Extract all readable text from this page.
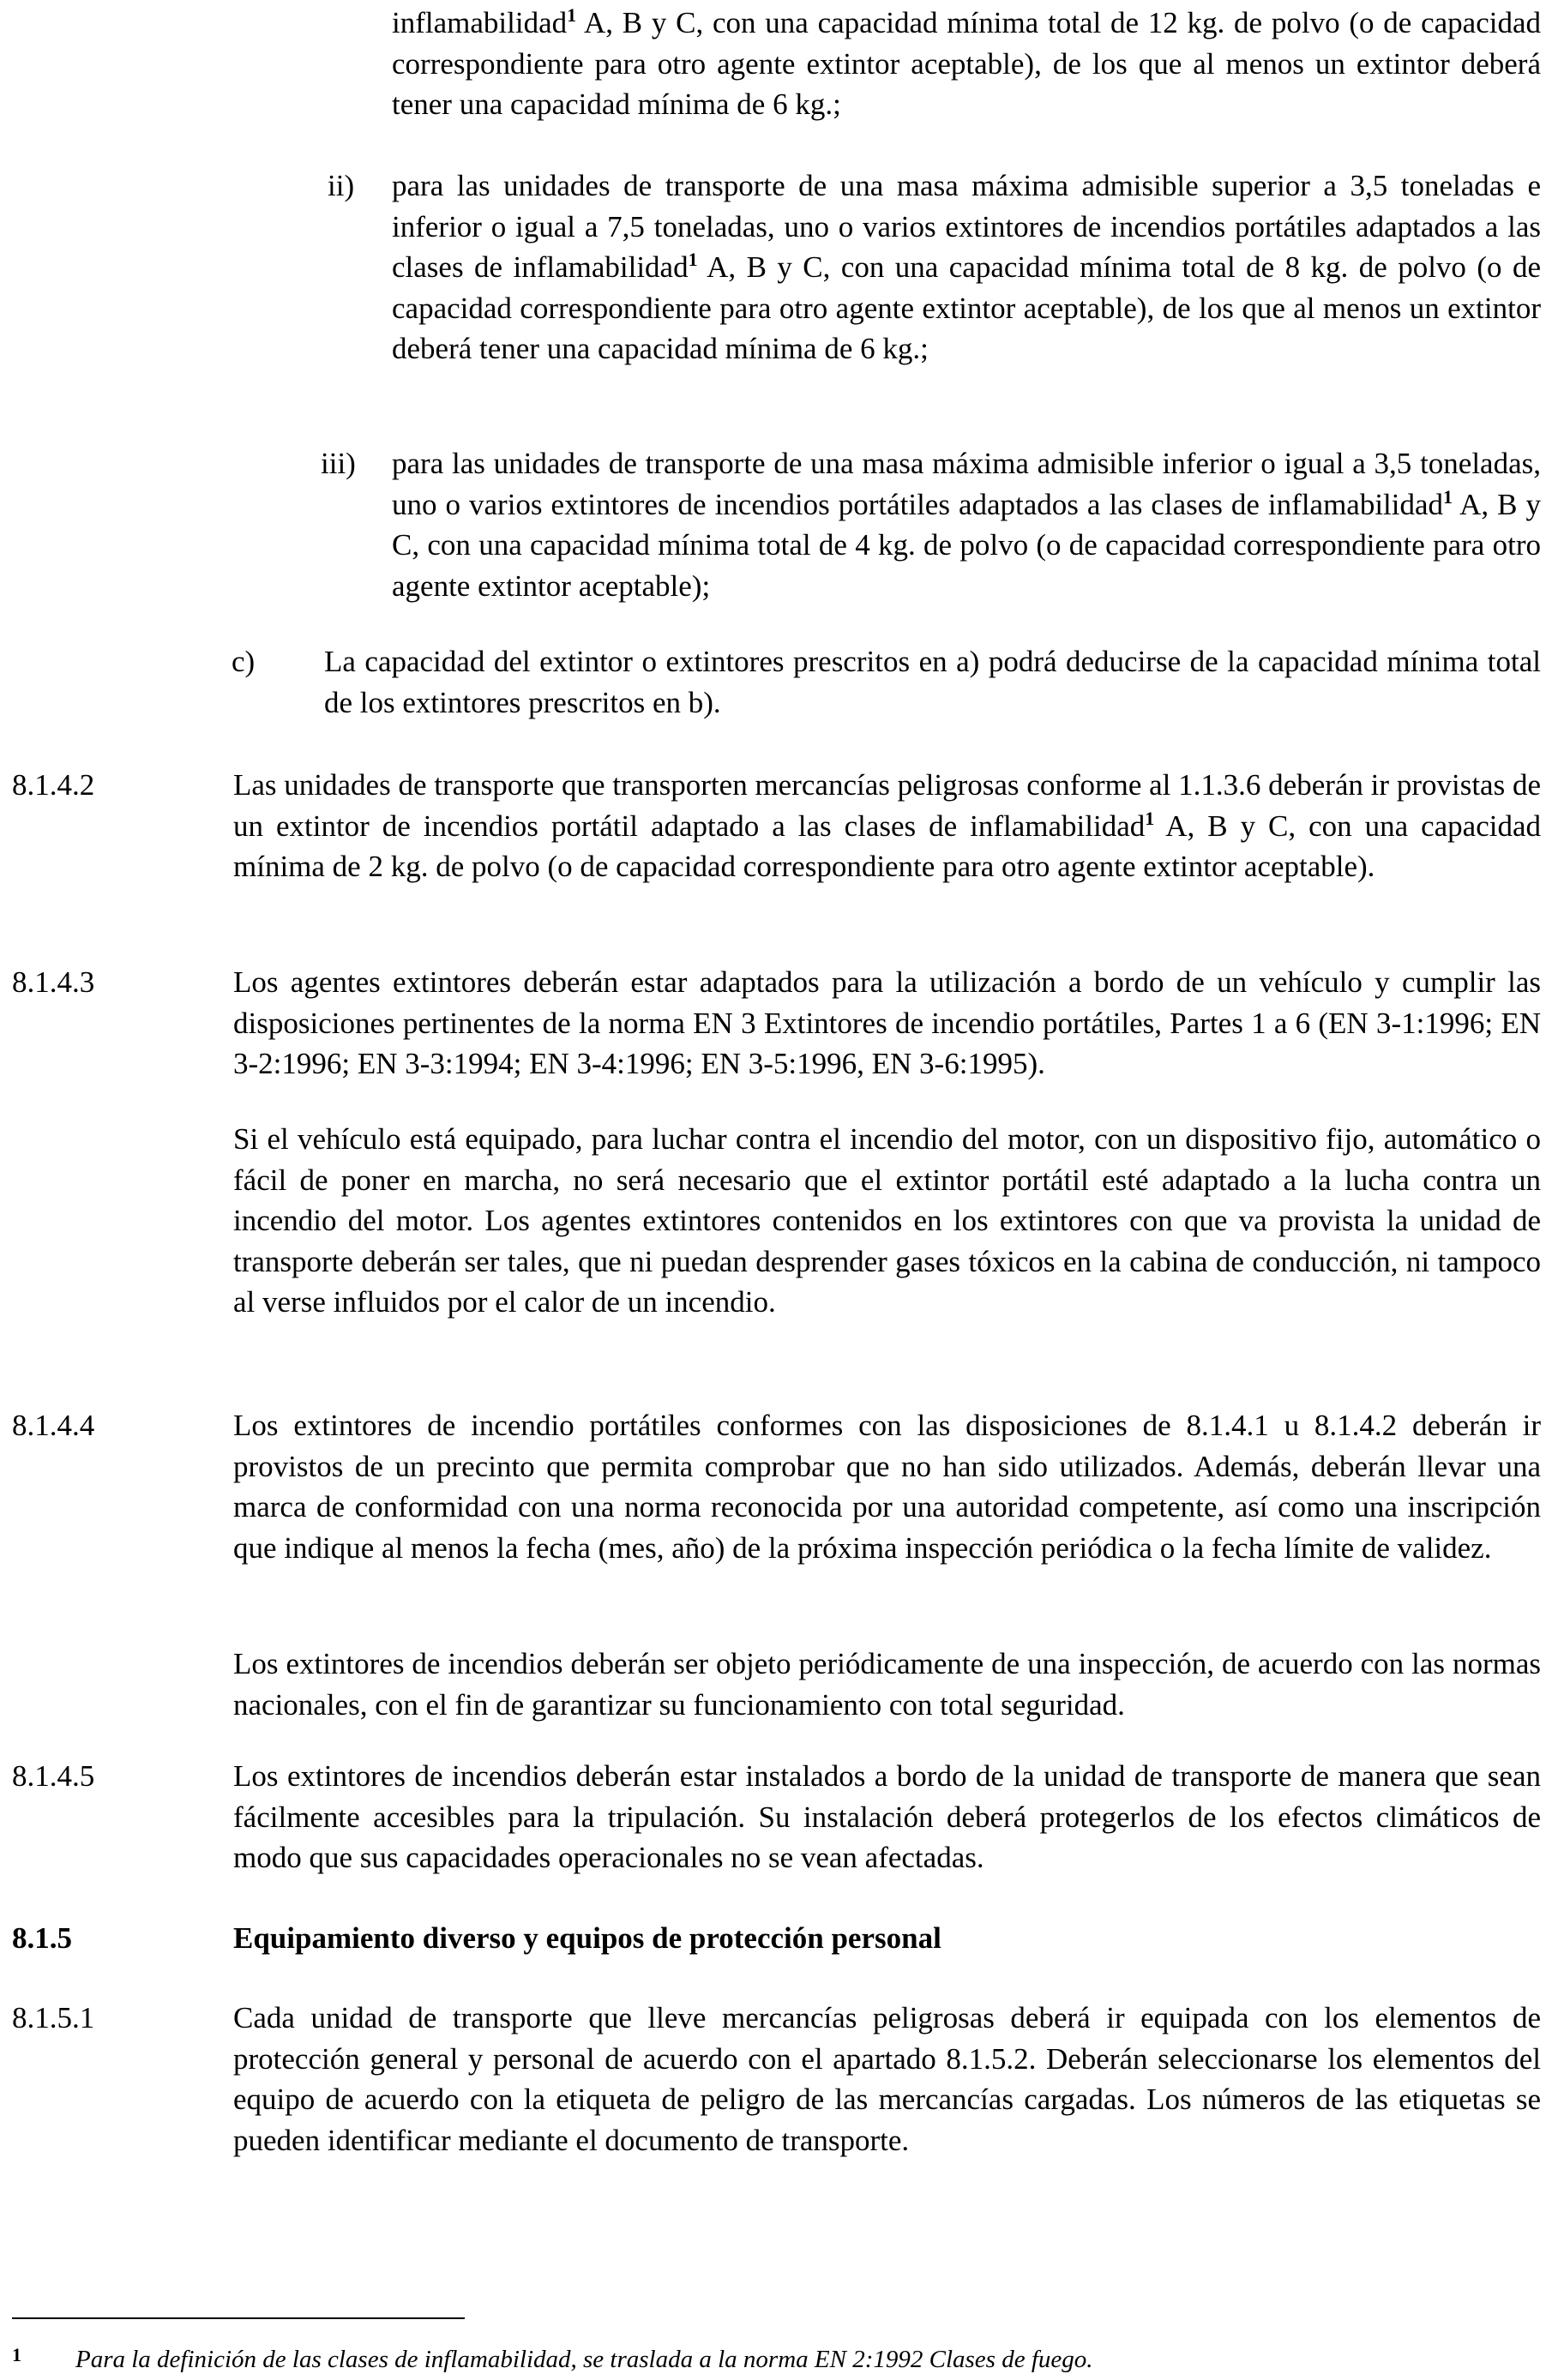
inflamabilidad$^1$ A, B y C, con una capacidad mínima total de 12 kg. de polvo (o de capacidad correspondiente para otro agente extintor aceptable), de los que al menos un extintor deberá tener una capacidad mínima de 6 kg.;

ii) para las unidades de transporte de una masa máxima admisible superior a 3,5 toneladas e inferior o igual a 7,5 toneladas, uno o varios extintores de incendios portátiles adaptados a las clases de inflamabilidad$^1$ A, B y C, con una capacidad mínima total de 8 kg. de polvo (o de capacidad correspondiente para otro agente extintor aceptable), de los que al menos un extintor deberá tener una capacidad mínima de 6 kg.;

iii) para las unidades de transporte de una masa máxima admisible inferior o igual a 3,5 toneladas, uno o varios extintores de incendios portátiles adaptados a las clases de inflamabilidad$^1$ A, B y C, con una capacidad mínima total de 4 kg. de polvo (o de capacidad correspondiente para otro agente extintor aceptable);

c) La capacidad del extintor o extintores prescritos en a) podrá deducirse de la capacidad mínima total de los extintores prescritos en b).

8.1.4.2	Las unidades de transporte que transporten mercancías peligrosas conforme al 1.1.3.6 deberán ir provistas de un extintor de incendios portátil adaptado a las clases de inflamabilidad$^1$ A, B y C, con una capacidad mínima de 2 kg. de polvo (o de capacidad correspondiente para otro agente extintor aceptable).

8.1.4.3	Los agentes extintores deberán estar adaptados para la utilización a bordo de un vehículo y cumplir las disposiciones pertinentes de la norma EN 3 Extintores de incendio portátiles, Partes 1 a 6 (EN 3-1:1996; EN 3-2:1996; EN 3-3:1994; EN 3-4:1996; EN 3-5:1996, EN 3-6:1995).

Si el vehículo está equipado, para luchar contra el incendio del motor, con un dispositivo fijo, automático o fácil de poner en marcha, no será necesario que el extintor portátil esté adaptado a la lucha contra un incendio del motor. Los agentes extintores contenidos en los extintores con que va provista la unidad de transporte deberán ser tales, que ni puedan desprender gases tóxicos en la cabina de conducción, ni tampoco al verse influidos por el calor de un incendio.

8.1.4.4	Los extintores de incendio portátiles conformes con las disposiciones de 8.1.4.1 u 8.1.4.2 deberán ir provistos de un precinto que permita comprobar que no han sido utilizados. Además, deberán llevar una marca de conformidad con una norma reconocida por una autoridad competente, así como una inscripción que indique al menos la fecha (mes, año) de la próxima inspección periódica o la fecha límite de validez.

Los extintores de incendios deberán ser objeto periódicamente de una inspección, de acuerdo con las normas nacionales, con el fin de garantizar su funcionamiento con total seguridad.

8.1.4.5	Los extintores de incendios deberán estar instalados a bordo de la unidad de transporte de manera que sean fácilmente accesibles para la tripulación. Su instalación deberá protegerlos de los efectos climáticos de modo que sus capacidades operacionales no se vean afectadas.

8.1.5	Equipamiento diverso y equipos de protección personal

8.1.5.1	Cada unidad de transporte que lleve mercancías peligrosas deberá ir equipada con los elementos de protección general y personal de acuerdo con el apartado 8.1.5.2. Deberán seleccionarse los elementos del equipo de acuerdo con la etiqueta de peligro de las mercancías cargadas. Los números de las etiquetas se pueden identificar mediante el documento de transporte.

1 Para la definición de las clases de inflamabilidad, se traslada a la norma EN 2:1992 Clases de fuego.
